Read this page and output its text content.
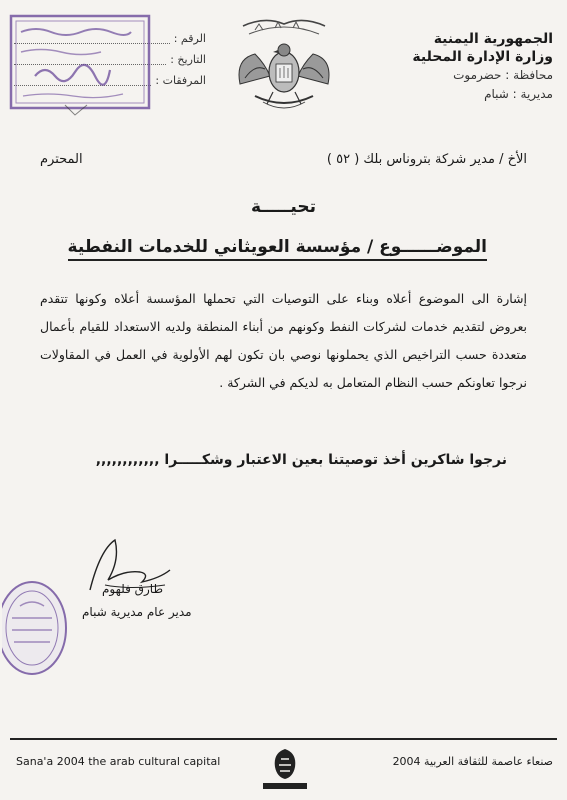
الجمهورية اليمنية
وزارة الإدارة المحلية
محافظة : حضرموت
مديرية : شبام
الرقم :
التاريخ :
المرفقات :
الأخ / مدير شركة بتروناس بلك ( ٥٢ )
المحترم
تحيـــــة
الموضــــــوع / مؤسسة العويثاني للخدمات النفطية
إشارة الى الموضوع أعلاه وبناء على التوصيات التي تحملها المؤسسة أعلاه وكونها تتقدم بعروض لتقديم خدمات لشركات النفط وكونهم من أبناء المنطقة ولديه الاستعداد للقيام بأعمال متعددة حسب التراخيص الذي يحملونها نوصي بان تكون لهم الأولوية في العمل في المقاولات نرجوا تعاونكم حسب النظام المتعامل به لديكم في الشركة .
نرجوا شاكرين أخذ توصيتنا بعين الاعتبار وشكـــــرا ,,,,,,,,,,,,
طارق فلهوم
مدير عام مديرية شبام
Sana'a 2004 the arab cultural capital	صنعاء عاصمة للثقافة العربية 2004
